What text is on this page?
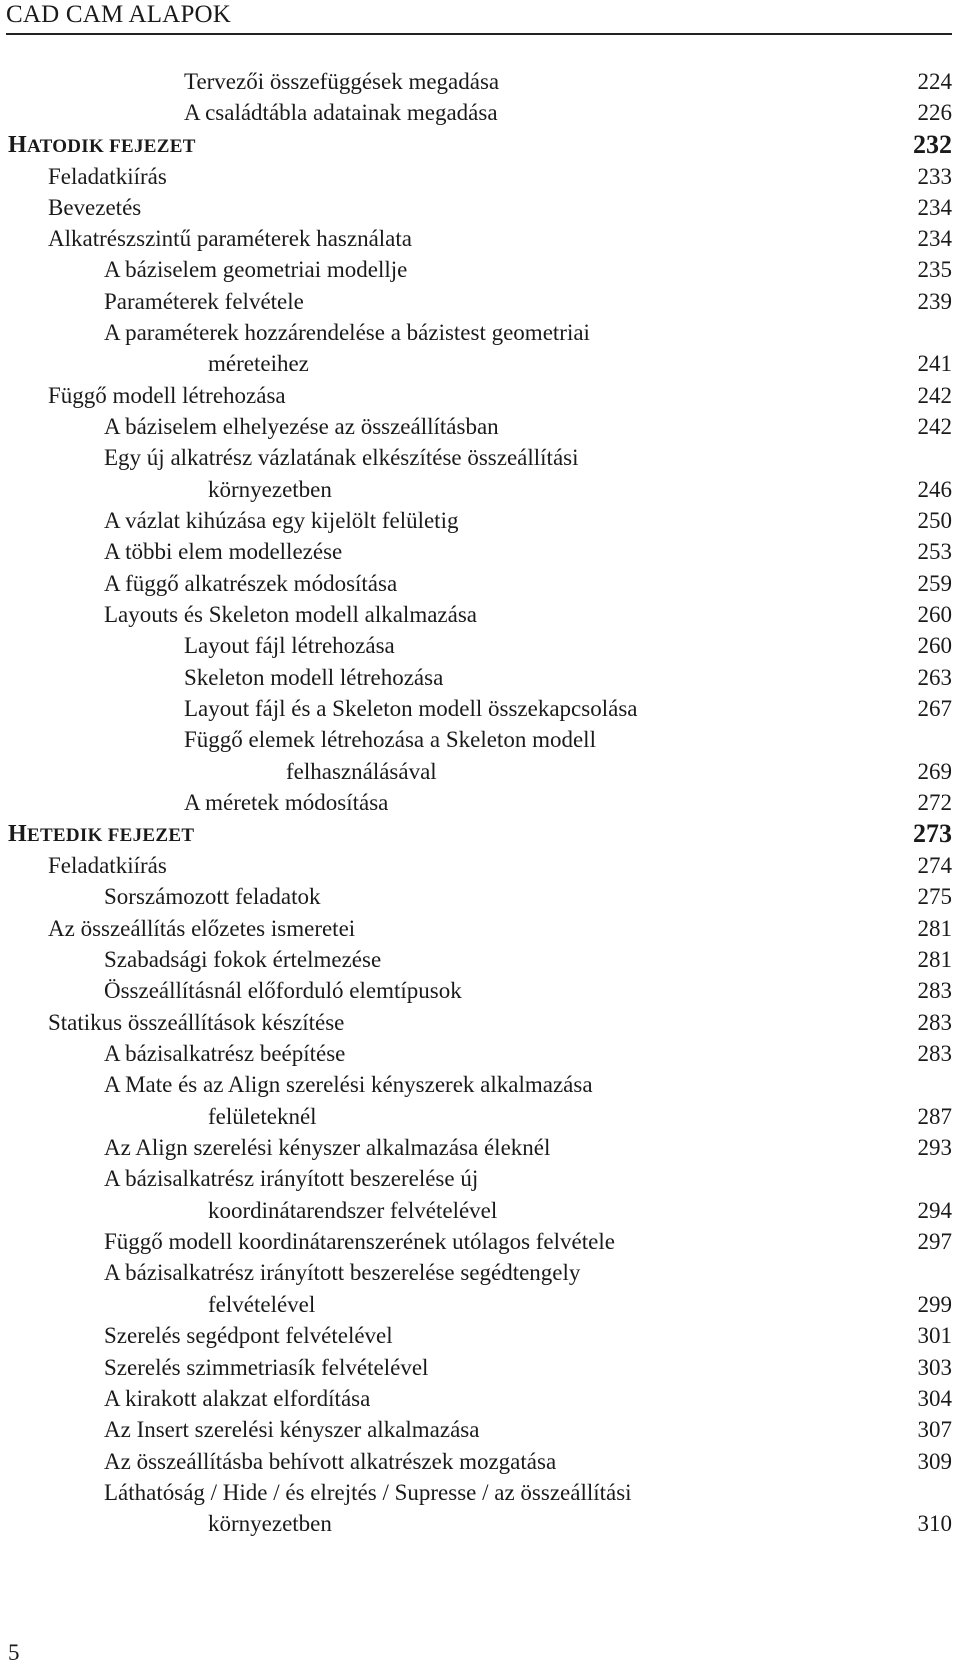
CAD CAM ALAPOK
Tervezői összefüggések megadása	224
A családtábla adatainak megadása	226
HATODIK FEJEZET	232
Feladatkiírás	233
Bevezetés	234
Alkatrészszintű paraméterek használata	234
A báziselem geometriai modellje	235
Paraméterek felvétele	239
A paraméterek hozzárendelése a bázistest geometriai
méreteihez	241
Függő modell létrehozása	242
A báziselem elhelyezése az összeállításban	242
Egy új alkatrész vázlatának elkészítése összeállítási
környezetben	246
A vázlat kihúzása egy kijelölt felületig	250
A többi elem modellezése	253
A függő alkatrészek módosítása	259
Layouts és Skeleton modell alkalmazása	260
Layout fájl létrehozása	260
Skeleton modell létrehozása	263
Layout fájl és a Skeleton modell összekapcsolása	267
Függő elemek létrehozása a Skeleton modell
felhasználásával	269
A méretek módosítása	272
HETEDIK FEJEZET	273
Feladatkiírás	274
Sorszámozott feladatok	275
Az összeállítás előzetes ismeretei	281
Szabadsági fokok értelmezése	281
Összeállításnál előforduló elemtípusok	283
Statikus összeállítások készítése	283
A bázisalkatrész beépítése	283
A Mate és az Align szerelési kényszerek alkalmazása
felületeknél	287
Az Align szerelési kényszer alkalmazása éleknél	293
A bázisalkatrész irányított beszerelése új
koordinátarendszer felvételével	294
Függő modell koordinátarenszerének utólagos felvétele	297
A bázisalkatrész irányított beszerelése segédtengely
felvételével	299
Szerelés segédpont felvételével	301
Szerelés szimmetriasík felvételével	303
A kirakott alakzat elfordítása	304
Az Insert szerelési kényszer alkalmazása	307
Az összeállításba behívott alkatrészek mozgatása	309
Láthatóság / Hide / és elrejtés / Supresse / az összeállítási
környezetben	310
5
